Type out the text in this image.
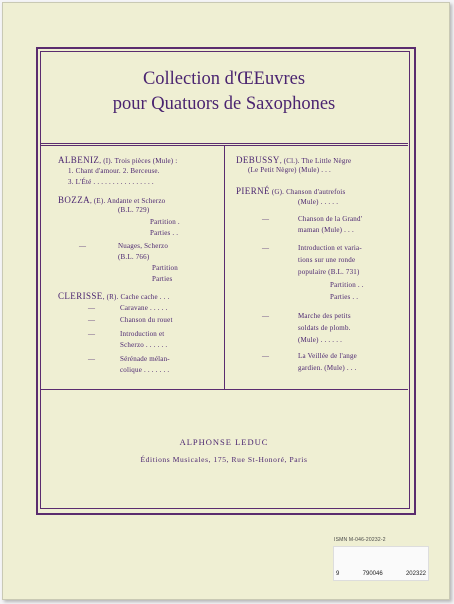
Collection d'ŒEuvres
pour Quatuors de Saxophones
ALBENIZ, (I). Trois pièces (Mule) :
1. Chant d'amour. 2. Berceuse.
3. L'Été . . . . . . . . . . . . . . . .
BOZZA, (E). Andante et Scherzo
(B.L. 729)
Partition .
Parties . .
—	Nuages, Scherzo
(B.L. 766)
Partition
Parties
CLERISSE, (R). Cache cache . . .
—	Caravane . . . . .
—	Chanson du rouet
—	Introduction et
Scherzo . . . . . .
—	Sérénade mélan-
colique . . . . . . .
DEBUSSY, (Cl.). The Little Nègre
(Le Petit Nègre) (Mule) . . .
PIERNÉ (G). Chanson d'autrefois
(Mule) . . . . .
—	Chanson de la Grand'
maman (Mule) . . .
—	Introduction et varia-
tions sur une ronde
populaire (B.L. 731)
Partition . .
Parties . .
—	Marche des petits
soldats de plomb.
(Mule) . . . . . .
—	La Veillée de l'ange
gardien. (Mule) . . .
ALPHONSE LEDUC
Éditions Musicales, 175, Rue St-Honoré, Paris
ISMN M-046-20232-2
9	790046	202322
